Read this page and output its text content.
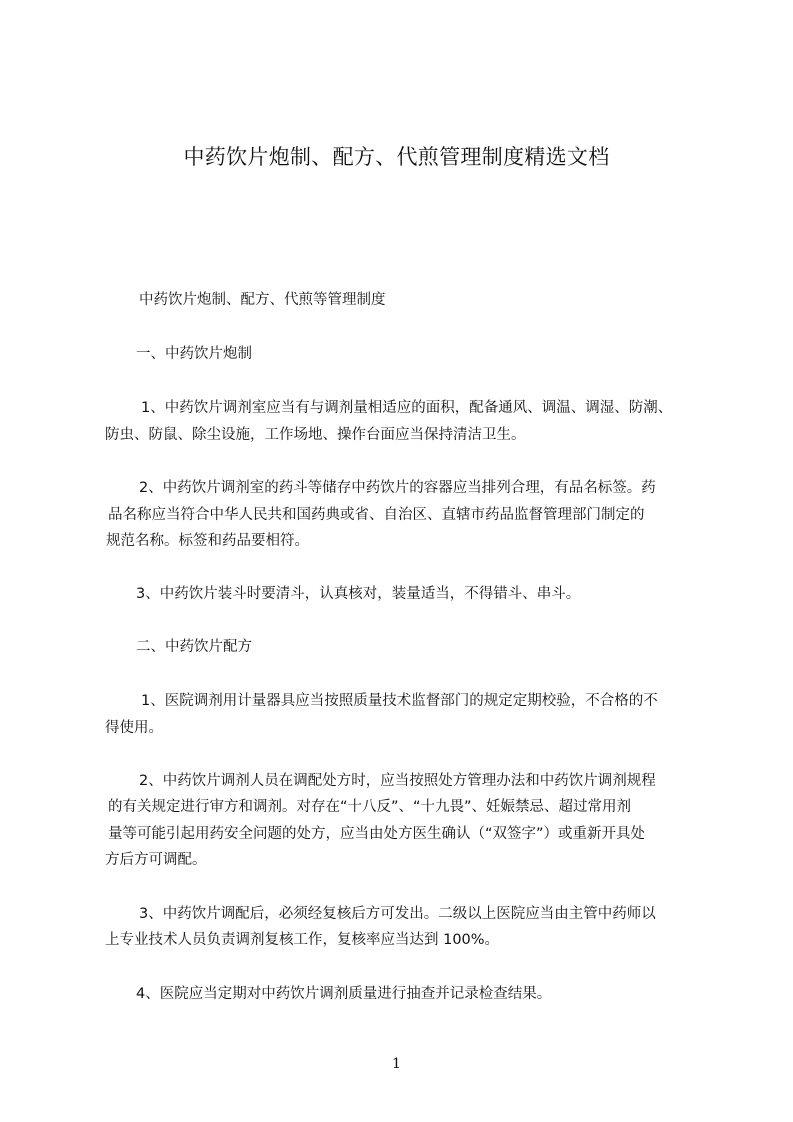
中药饮片炮制、配方、代煎管理制度精选文档

中药饮片炮制、配方、代煎等管理制度

一、中药饮片炮制

1、中药饮片调剂室应当有与调剂量相适应的面积，配备通风、调温、调湿、防潮、

防虫、防鼠、除尘设施，工作场地、操作台面应当保持清洁卫生。

2、中药饮片调剂室的药斗等储存中药饮片的容器应当排列合理，有品名标签。药

品名称应当符合中华人民共和国药典或省、自治区、直辖市药品监督管理部门制定的

规范名称。标签和药品要相符。

3、中药饮片装斗时要清斗，认真核对，装量适当，不得错斗、串斗。

二、中药饮片配方

1、医院调剂用计量器具应当按照质量技术监督部门的规定定期校验，不合格的不

得使用。

2、中药饮片调剂人员在调配处方时，应当按照处方管理办法和中药饮片调剂规程

的有关规定进行审方和调剂。对存在“十八反”、“十九畏”、妊娠禁忌、超过常用剂

量等可能引起用药安全问题的处方，应当由处方医生确认（“双签字”）或重新开具处

方后方可调配。

3、中药饮片调配后，必须经复核后方可发出。二级以上医院应当由主管中药师以

上专业技术人员负责调剂复核工作，复核率应当达到 100%。

4、医院应当定期对中药饮片调剂质量进行抽查并记录检查结果。

1
